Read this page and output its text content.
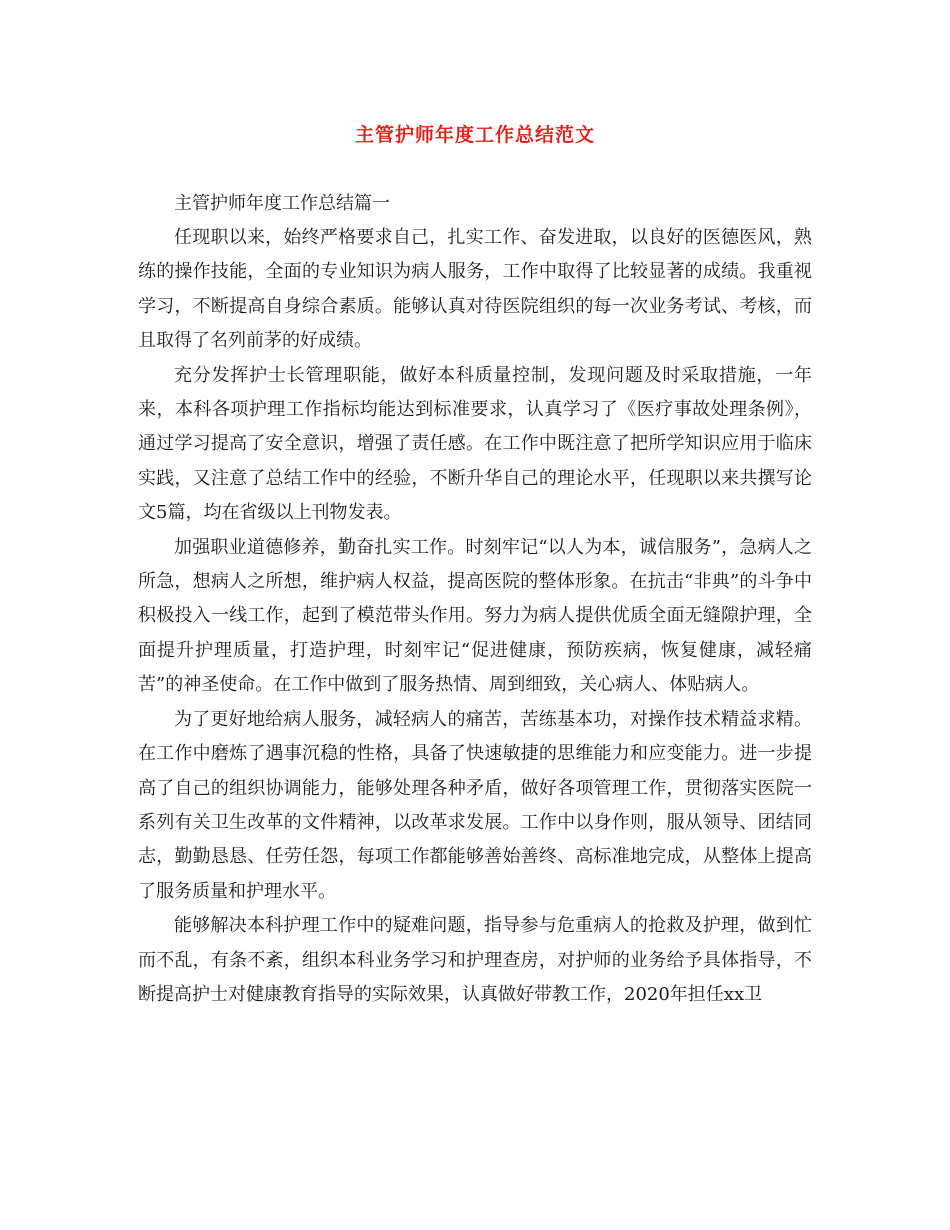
主管护师年度工作总结范文

主管护师年度工作总结篇一

任现职以来，始终严格要求自己，扎实工作、奋发进取，以良好的医德医风，熟练的操作技能，全面的专业知识为病人服务，工作中取得了比较显著的成绩。我重视学习，不断提高自身综合素质。能够认真对待医院组织的每一次业务考试、考核，而且取得了名列前茅的好成绩。

充分发挥护士长管理职能，做好本科质量控制，发现问题及时采取措施，一年来，本科各项护理工作指标均能达到标准要求，认真学习了《医疗事故处理条例》，通过学习提高了安全意识，增强了责任感。在工作中既注意了把所学知识应用于临床实践，又注意了总结工作中的经验，不断升华自己的理论水平，任现职以来共撰写论文5篇，均在省级以上刊物发表。

加强职业道德修养，勤奋扎实工作。时刻牢记“以人为本，诚信服务”，急病人之所急，想病人之所想，维护病人权益，提高医院的整体形象。在抗击“非典”的斗争中积极投入一线工作，起到了模范带头作用。努力为病人提供优质全面无缝隙护理，全面提升护理质量，打造护理，时刻牢记“促进健康，预防疾病，恢复健康，减轻痛苦”的神圣使命。在工作中做到了服务热情、周到细致，关心病人、体贴病人。

为了更好地给病人服务，减轻病人的痛苦，苦练基本功，对操作技术精益求精。在工作中磨炼了遇事沉稳的性格，具备了快速敏捷的思维能力和应变能力。进一步提高了自己的组织协调能力，能够处理各种矛盾，做好各项管理工作，贯彻落实医院一系列有关卫生改革的文件精神，以改革求发展。工作中以身作则，服从领导、团结同志，勤勤恳恳、任劳任怨，每项工作都能够善始善终、高标准地完成，从整体上提高了服务质量和护理水平。

能够解决本科护理工作中的疑难问题，指导参与危重病人的抢救及护理，做到忙而不乱，有条不紊，组织本科业务学习和护理查房，对护师的业务给予具体指导，不断提高护士对健康教育指导的实际效果，认真做好带教工作，2020年担任xx卫
